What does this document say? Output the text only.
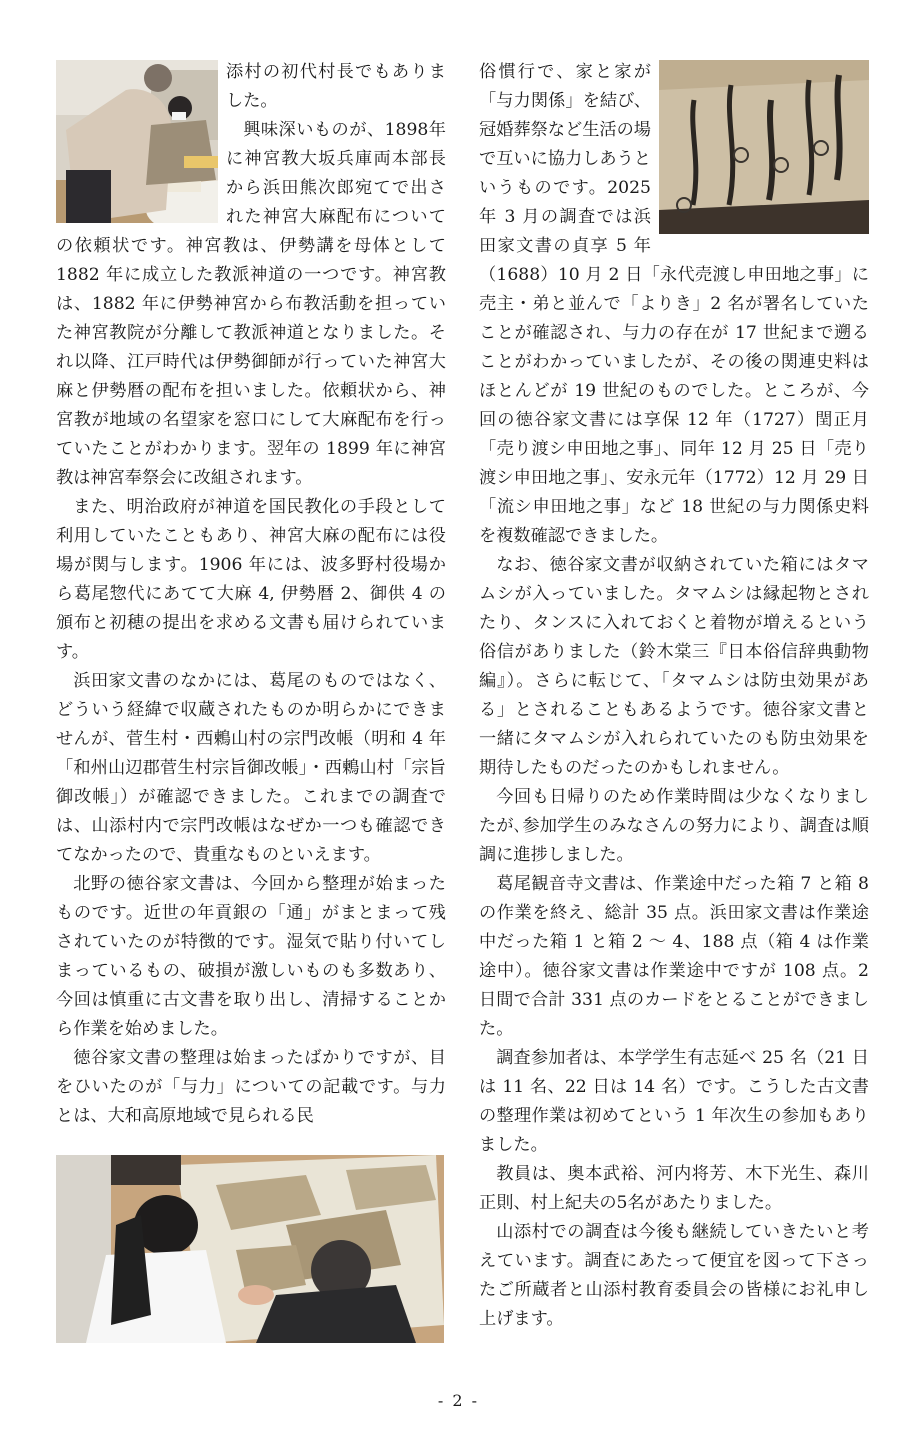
添村の初代村長でもありました。

興味深いものが、1898年に神宮教大坂兵庫両本部長から浜田熊次郎宛てで出された神宮大麻配布についての依頼状です。神宮教は、伊勢講を母体として 1882 年に成立した教派神道の一つです。神宮教は、1882 年に伊勢神宮から布教活動を担っていた神宮教院が分離して教派神道となりました。それ以降、江戸時代は伊勢御師が行っていた神宮大麻と伊勢暦の配布を担いました。依頼状から、神宮教が地域の名望家を窓口にして大麻配布を行っていたことがわかります。翌年の 1899 年に神宮教は神宮奉祭会に改組されます。

また、明治政府が神道を国民教化の手段として利用していたこともあり、神宮大麻の配布には役場が関与します。1906 年には、波多野村役場から葛尾惣代にあてて大麻 4, 伊勢暦 2、御供 4 の頒布と初穂の提出を求める文書も届けられています。

浜田家文書のなかには、葛尾のものではなく、どういう経緯で収蔵されたものか明らかにできませんが、菅生村・西鶫山村の宗門改帳（明和 4 年「和州山辺郡菅生村宗旨御改帳」・西鶫山村「宗旨御改帳」）が確認できました。これまでの調査では、山添村内で宗門改帳はなぜか一つも確認できてなかったので、貴重なものといえます。

北野の徳谷家文書は、今回から整理が始まったものです。近世の年貢銀の「通」がまとまって残されていたのが特徴的です。湿気で貼り付いてしまっているもの、破損が激しいものも多数あり、今回は慎重に古文書を取り出し、清掃することから作業を始めました。

徳谷家文書の整理は始まったばかりですが、目をひいたのが「与力」についての記載です。与力とは、大和高原地域で見られる民

俗慣行で、家と家が「与力関係」を結び、冠婚葬祭など生活の場で互いに協力しあうというものです。2025 年 3 月の調査では浜田家文書の貞享 5 年（1688）10 月 2 日「永代売渡し申田地之事」に売主・弟と並んで「よりき」2 名が署名していたことが確認され、与力の存在が 17 世紀まで遡ることがわかっていましたが、その後の関連史料はほとんどが 19 世紀のものでした。ところが、今回の徳谷家文書には享保 12 年（1727）閏正月「売り渡シ申田地之事」、同年 12 月 25 日「売り渡シ申田地之事」、安永元年（1772）12 月 29 日「流シ申田地之事」など 18 世紀の与力関係史料を複数確認できました。

なお、徳谷家文書が収納されていた箱にはタマムシが入っていました。タマムシは縁起物とされたり、タンスに入れておくと着物が増えるという俗信がありました（鈴木棠三『日本俗信辞典動物編』）。さらに転じて、「タマムシは防虫効果がある」とされることもあるようです。徳谷家文書と一緒にタマムシが入れられていたのも防虫効果を期待したものだったのかもしれません。

今回も日帰りのため作業時間は少なくなりましたが､参加学生のみなさんの努力により、調査は順調に進捗しました。

葛尾観音寺文書は、作業途中だった箱 7 と箱 8 の作業を終え、総計 35 点。浜田家文書は作業途中だった箱 1 と箱 2 〜 4、188 点（箱 4 は作業途中）。徳谷家文書は作業途中ですが 108 点。2 日間で合計 331 点のカードをとることができました。

調査参加者は、本学学生有志延べ 25 名（21 日は 11 名、22 日は 14 名）です。こうした古文書の整理作業は初めてという 1 年次生の参加もありました。

教員は、奥本武裕、河内将芳、木下光生、森川正則、村上紀夫の5名があたりました。

山添村での調査は今後も継続していきたいと考えています。調査にあたって便宜を図って下さったご所蔵者と山添村教育委員会の皆様にお礼申し上げます。

- 2 -
